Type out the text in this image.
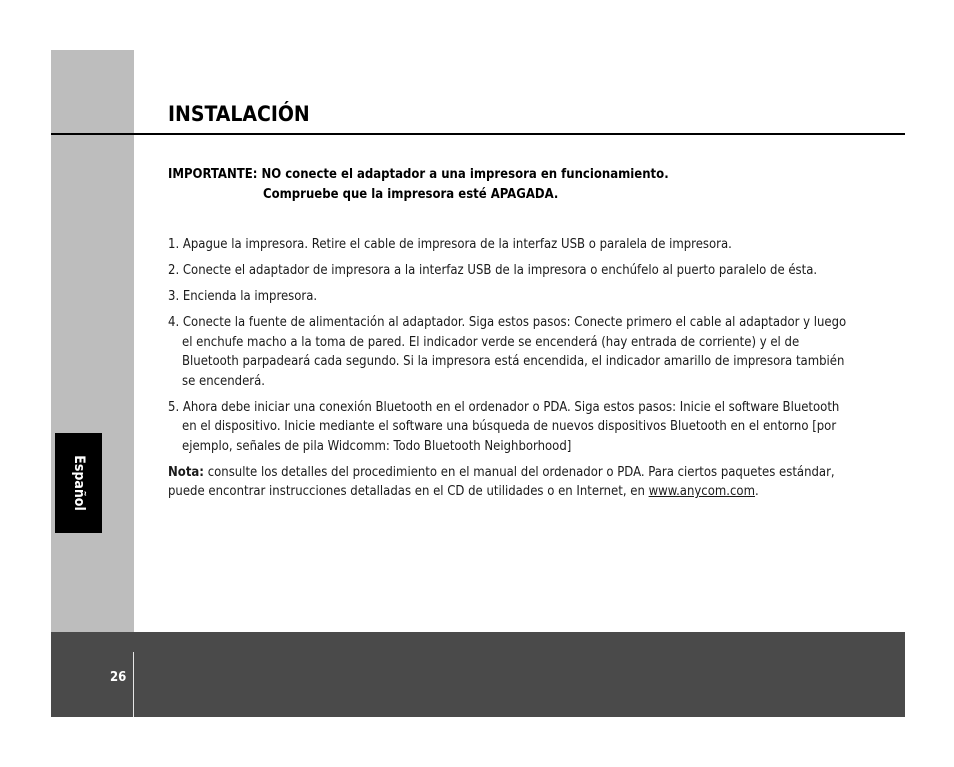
Español
26
INSTALACIÓN
IMPORTANTE: NO conecte el adaptador a una impresora en funcionamiento.
Compruebe que la impresora esté APAGADA.

1. Apague la impresora. Retire el cable de impresora de la interfaz USB o paralela de impresora.

2. Conecte el adaptador de impresora a la interfaz USB de la impresora o enchúfelo al puerto paralelo de ésta.

3. Encienda la impresora.

4. Conecte la fuente de alimentación al adaptador. Siga estos pasos: Conecte primero el cable al adaptador y luego el enchufe macho a la toma de pared. El indicador verde se encenderá (hay entrada de corriente) y el de Bluetooth parpadeará cada segundo. Si la impresora está encendida, el indicador amarillo de impresora también se encenderá.

5. Ahora debe iniciar una conexión Bluetooth en el ordenador o PDA. Siga estos pasos: Inicie el software Bluetooth en el dispositivo. Inicie mediante el software una búsqueda de nuevos dispositivos Bluetooth en el entorno [por ejemplo, señales de pila Widcomm: Todo Bluetooth Neighborhood]

Nota: consulte los detalles del procedimiento en el manual del ordenador o PDA. Para ciertos paquetes estándar, puede encontrar instrucciones detalladas en el CD de utilidades o en Internet, en www.anycom.com.
